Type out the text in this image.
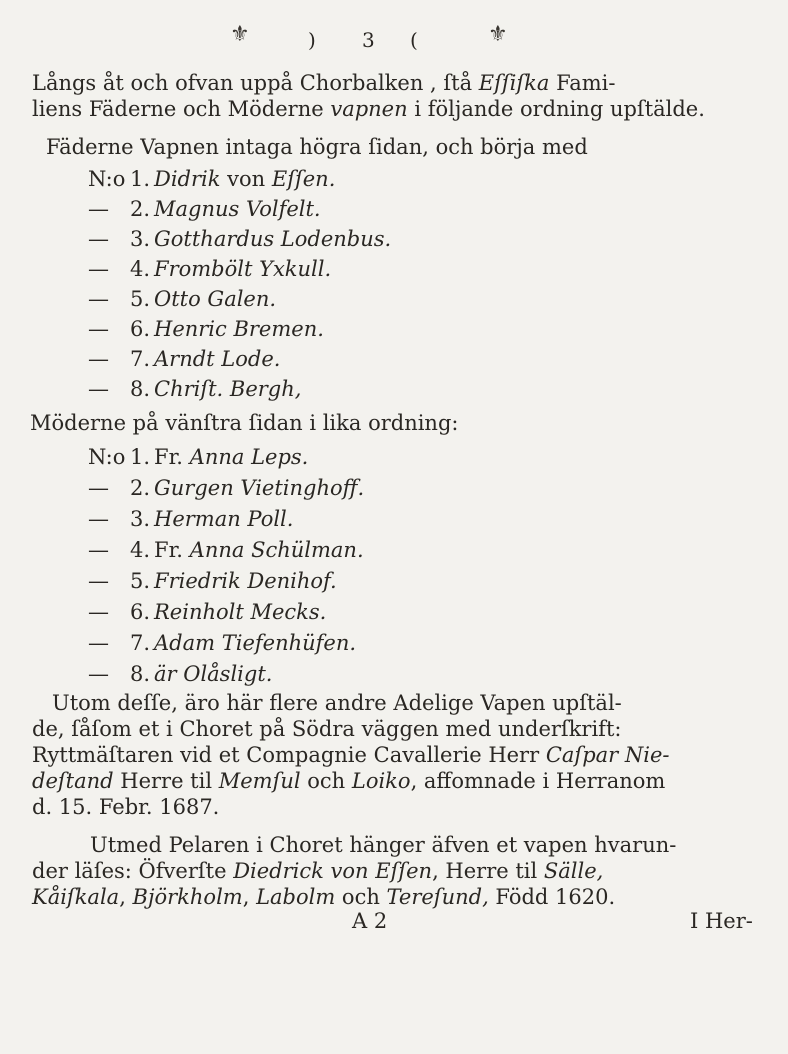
⚜	) 3 (	⚜
Långs åt och ofvan uppå Chorbalken , ſtå Eſſiſka Fami-
liens Fäderne och Möderne vapnen i följande ordning upſtälde.
Fäderne Vapnen intaga högra ſidan, och börja med
N:o 1. Didrik von Eſſen.
— 2. Magnus Volfelt.
— 3. Gotthardus Lodenbus.
— 4. Frombölt Yxkull.
— 5. Otto Galen.
— 6. Henric Bremen.
— 7. Arndt Lode.
— 8. Chriſt. Bergh,
Möderne på vänſtra ſidan i lika ordning:
N:o 1. Fr. Anna Leps.
— 2. Gurgen Vietinghoff.
— 3. Herman Poll.
— 4. Fr. Anna Schülman.
— 5. Friedrik Denihof.
— 6. Reinholt Mecks.
— 7. Adam Tiefenhüfen.
— 8. är Olåsligt.
Utom deſſe, äro här flere andre Adelige Vapen upſtäl-
de, ſåſom et i Choret på Södra väggen med underſkrift:
Ryttmäſtaren vid et Compagnie Cavallerie Herr Caſpar Nie-
deſtand Herre til Memſul och Loiko, affomnade i Herranom
d. 15. Febr. 1687.
Utmed Pelaren i Choret hänger äfven et vapen hvarun-
der läſes: Öfverſte Diedrick von Eſſen, Herre til Sälle,
Kåiſkala, Björkholm, Labolm och Tereſund, Född 1620.
A 2	I Her-
